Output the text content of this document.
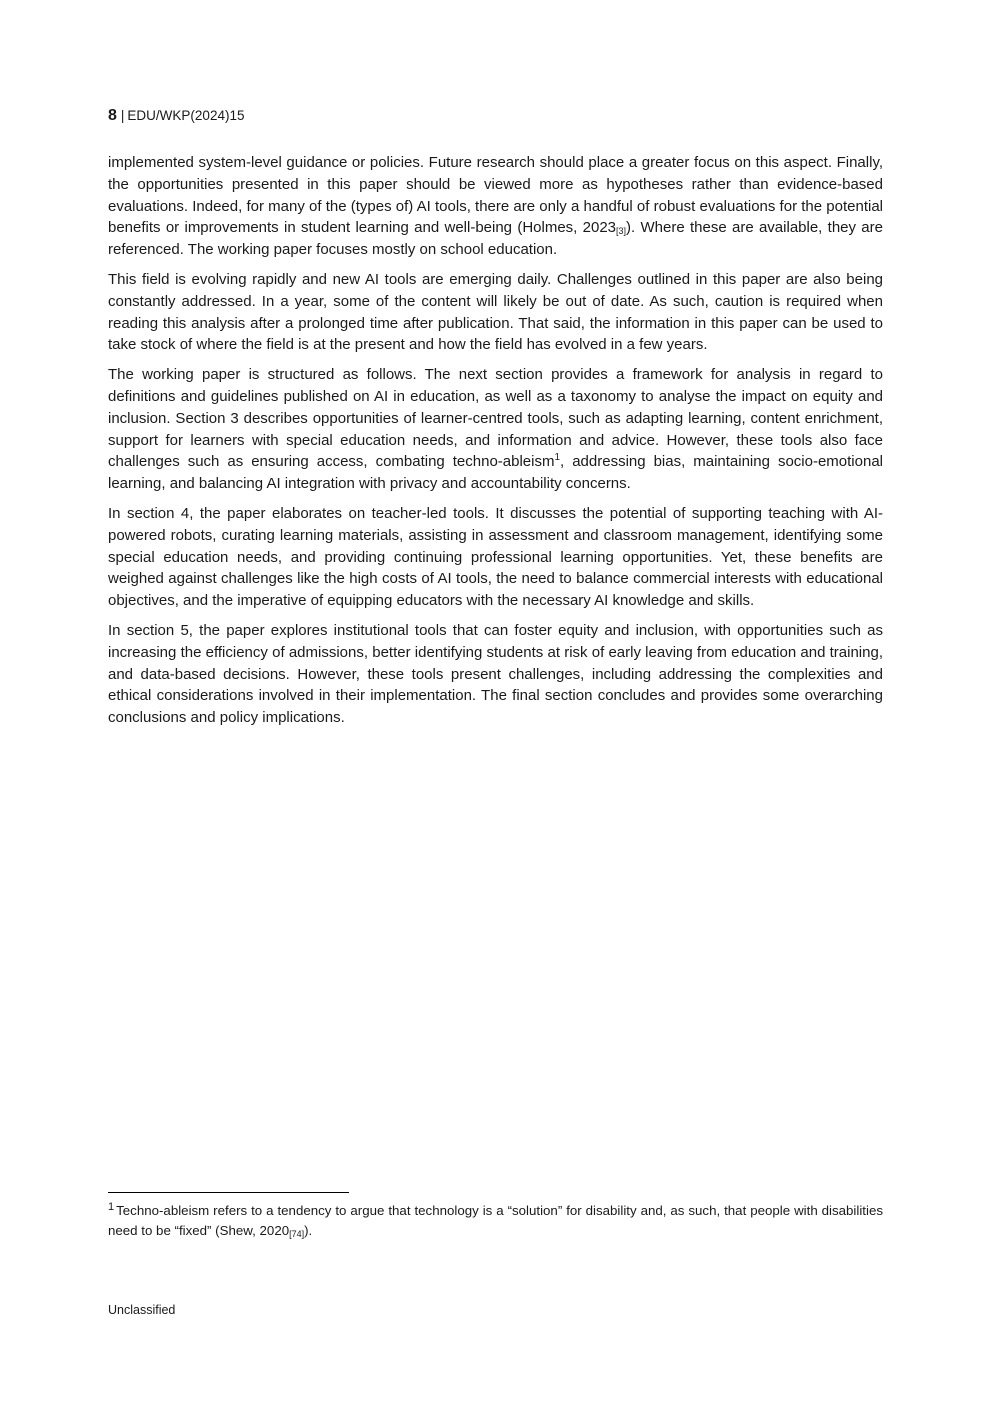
8 | EDU/WKP(2024)15

implemented system-level guidance or policies. Future research should place a greater focus on this aspect. Finally, the opportunities presented in this paper should be viewed more as hypotheses rather than evidence-based evaluations. Indeed, for many of the (types of) AI tools, there are only a handful of robust evaluations for the potential benefits or improvements in student learning and well-being (Holmes, 2023[3]). Where these are available, they are referenced. The working paper focuses mostly on school education.

This field is evolving rapidly and new AI tools are emerging daily. Challenges outlined in this paper are also being constantly addressed. In a year, some of the content will likely be out of date. As such, caution is required when reading this analysis after a prolonged time after publication. That said, the information in this paper can be used to take stock of where the field is at the present and how the field has evolved in a few years.

The working paper is structured as follows. The next section provides a framework for analysis in regard to definitions and guidelines published on AI in education, as well as a taxonomy to analyse the impact on equity and inclusion. Section 3 describes opportunities of learner-centred tools, such as adapting learning, content enrichment, support for learners with special education needs, and information and advice. However, these tools also face challenges such as ensuring access, combating techno-ableism$^1$, addressing bias, maintaining socio-emotional learning, and balancing AI integration with privacy and accountability concerns.

In section 4, the paper elaborates on teacher-led tools. It discusses the potential of supporting teaching with AI-powered robots, curating learning materials, assisting in assessment and classroom management, identifying some special education needs, and providing continuing professional learning opportunities. Yet, these benefits are weighed against challenges like the high costs of AI tools, the need to balance commercial interests with educational objectives, and the imperative of equipping educators with the necessary AI knowledge and skills.

In section 5, the paper explores institutional tools that can foster equity and inclusion, with opportunities such as increasing the efficiency of admissions, better identifying students at risk of early leaving from education and training, and data-based decisions. However, these tools present challenges, including addressing the complexities and ethical considerations involved in their implementation. The final section concludes and provides some overarching conclusions and policy implications.

$^1$ Techno-ableism refers to a tendency to argue that technology is a “solution” for disability and, as such, that people with disabilities need to be “fixed” (Shew, 2020[74]).
Unclassified
